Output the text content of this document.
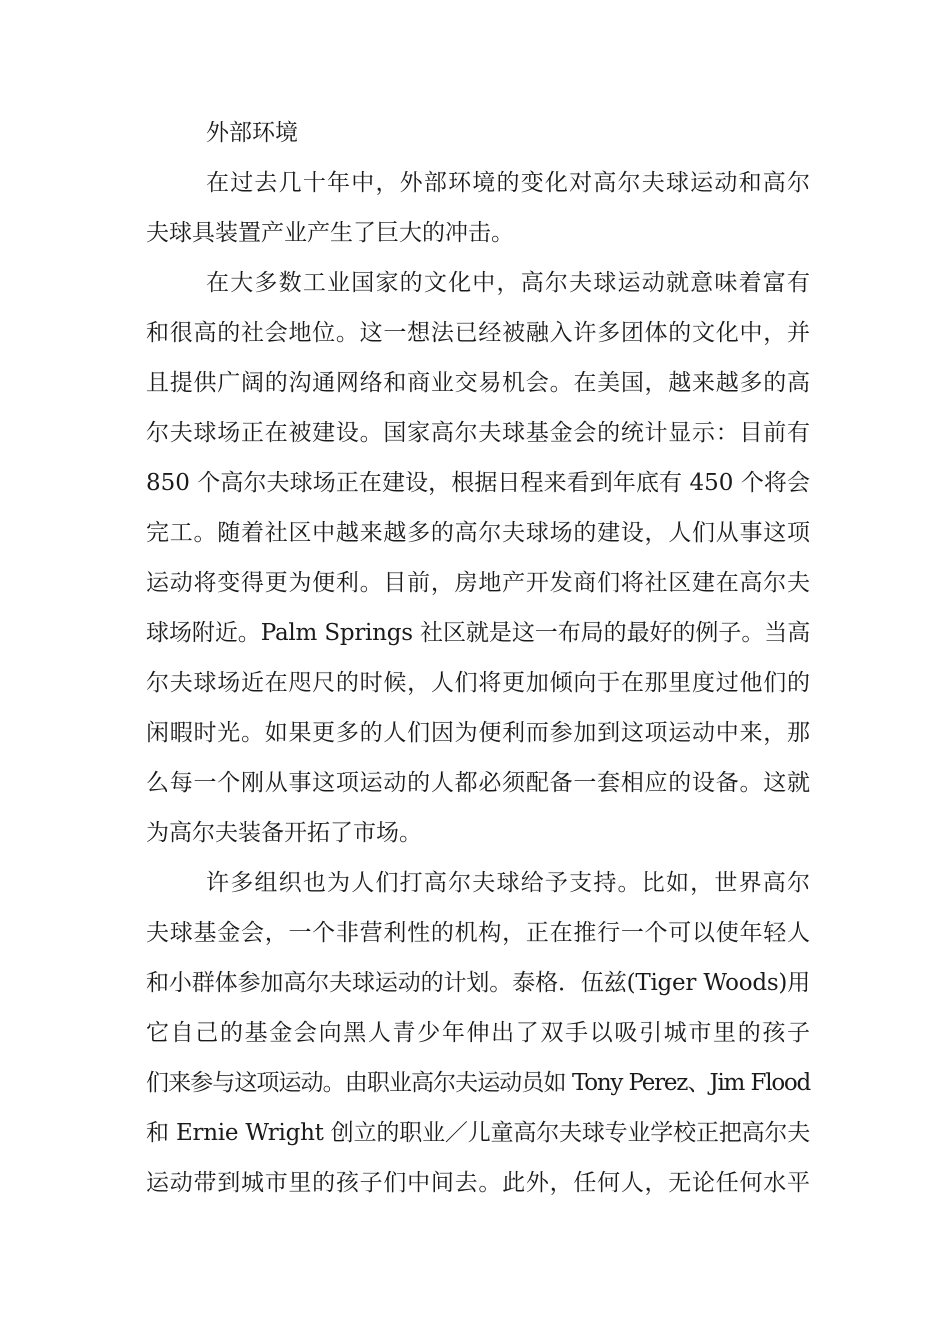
外部环境
在过去几十年中，外部环境的变化对高尔夫球运动和高尔
夫球具装置产业产生了巨大的冲击。
在大多数工业国家的文化中，高尔夫球运动就意味着富有
和很高的社会地位。这一想法已经被融入许多团体的文化中，并
且提供广阔的沟通网络和商业交易机会。在美国，越来越多的高
尔夫球场正在被建设。国家高尔夫球基金会的统计显示：目前有
850 个高尔夫球场正在建设，根据日程来看到年底有 450 个将会
完工。随着社区中越来越多的高尔夫球场的建设，人们从事这项
运动将变得更为便利。目前，房地产开发商们将社区建在高尔夫
球场附近。Palm Springs 社区就是这一布局的最好的例子。当高
尔夫球场近在咫尺的时候，人们将更加倾向于在那里度过他们的
闲暇时光。如果更多的人们因为便利而参加到这项运动中来，那
么每一个刚从事这项运动的人都必须配备一套相应的设备。这就
为高尔夫装备开拓了市场。
许多组织也为人们打高尔夫球给予支持。比如，世界高尔
夫球基金会，一个非营利性的机构，正在推行一个可以使年轻人
和小群体参加高尔夫球运动的计划。泰格．伍兹(Tiger Woods)用
它自己的基金会向黑人青少年伸出了双手以吸引城市里的孩子
们来参与这项运动。由职业高尔夫运动员如 Tony Perez、Jim Flood
和 Ernie Wright 创立的职业／儿童高尔夫球专业学校正把高尔夫
运动带到城市里的孩子们中间去。此外，任何人，无论任何水平
